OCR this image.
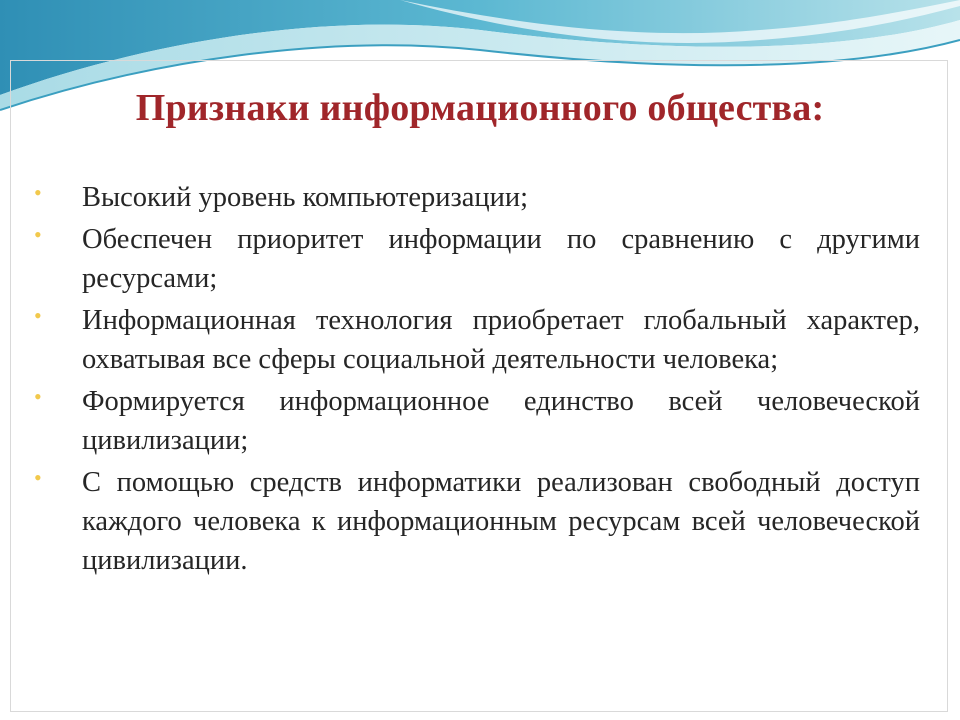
Признаки информационного общества:
• Высокий уровень компьютеризации;
• Обеспечен приоритет информации по сравнению с другими ресурсами;
• Информационная технология приобретает глобальный характер, охватывая все сферы социальной деятельности человека;
• Формируется информационное единство всей человеческой цивилизации;
• С помощью средств информатики реализован свободный доступ каждого человека к информационным ресурсам всей человеческой цивилизации.
